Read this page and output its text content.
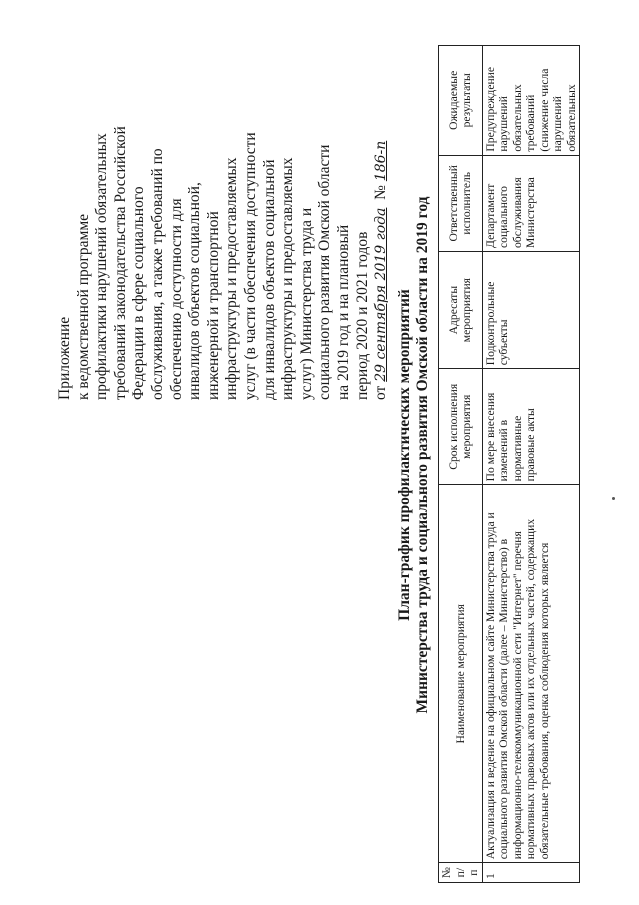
Приложение к ведомственной программе профилактики нарушений обязательных требований законодательства Российской Федерации в сфере социального обслуживания, а также требований по обеспечению доступности для инвалидов объектов социальной, инженерной и транспортной инфраструктуры и предоставляемых услуг (в части обеспечения доступности для инвалидов объектов социальной инфраструктуры и предоставляемых услуг) Министерства труда и социального развития Омской области на 2019 год и на плановый период 2020 и 2021 годов от 29 сентября 2019 года  № 186-п

План-график профилактических мероприятий Министерства труда и социального развития Омской области на 2019 год
№ п/п	Наименование мероприятия	Срок исполнения мероприятия	Адресаты мероприятия	Ответственный исполнитель	Ожидаемые результаты
1	Актуализация и ведение на официальном сайте Министерства труда и социального развития Омской области (далее – Министерство) в информационно-телекоммуникационной сети "Интернет" перечня нормативных правовых актов или их отдельных частей, содержащих обязательные требования, оценка соблюдения которых является	По мере внесения изменений в нормативные правовые акты	Подконтрольные субъекты	Департамент социального обслуживания Министерства	Предупреждение нарушений обязательных требований (снижение числа нарушений обязательных
